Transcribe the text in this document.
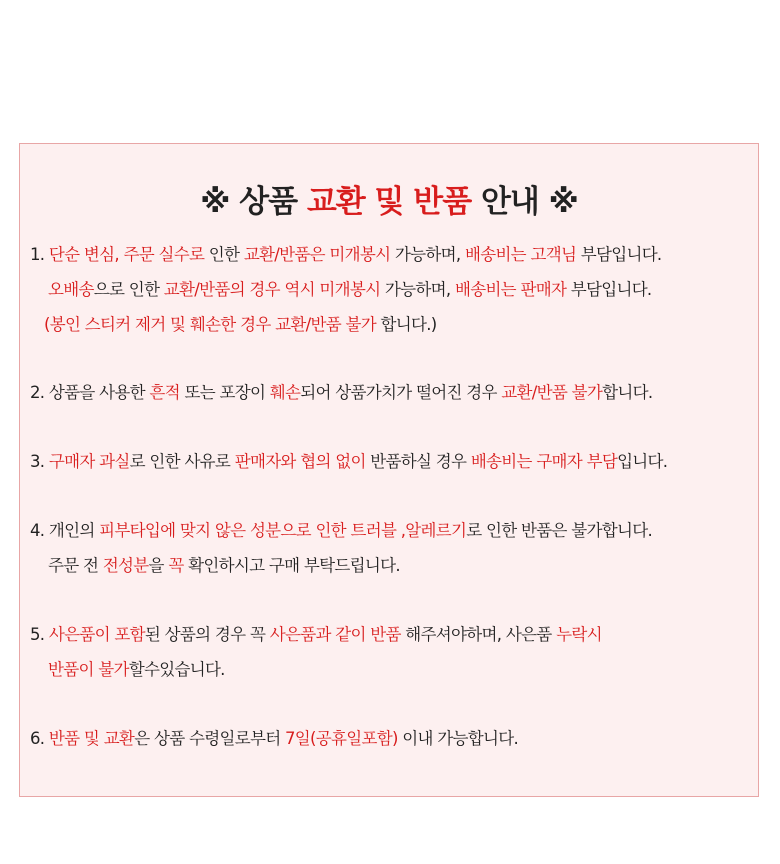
※ 상품 교환 및 반품 안내 ※
1. 단순 변심, 주문 실수로 인한 교환/반품은 미개봉시 가능하며, 배송비는 고객님 부담입니다.
오배송으로 인한 교환/반품의 경우 역시 미개봉시 가능하며, 배송비는 판매자 부담입니다.
(봉인 스티커 제거 및 훼손한 경우 교환/반품 불가 합니다.)
2. 상품을 사용한 흔적 또는 포장이 훼손되어 상품가치가 떨어진 경우 교환/반품 불가합니다.
3. 구매자 과실로 인한 사유로 판매자와 협의 없이 반품하실 경우 배송비는 구매자 부담입니다.
4. 개인의 피부타입에 맞지 않은 성분으로 인한 트러블 ,알레르기로 인한 반품은 불가합니다.
주문 전 전성분을 꼭 확인하시고 구매 부탁드립니다.
5. 사은품이 포함된 상품의 경우 꼭 사은품과 같이 반품 해주셔야하며, 사은품 누락시
반품이 불가할수있습니다.
6. 반품 및 교환은 상품 수령일로부터 7일(공휴일포함) 이내 가능합니다.
